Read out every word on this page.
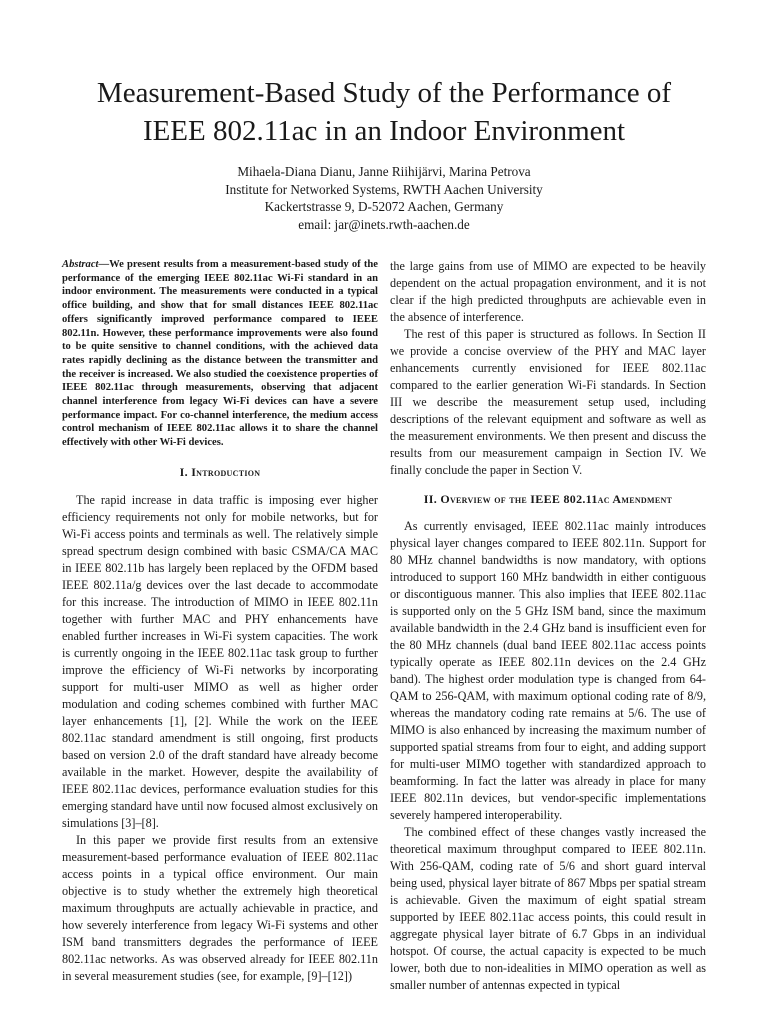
Measurement-Based Study of the Performance of
IEEE 802.11ac in an Indoor Environment
Mihaela-Diana Dianu, Janne Riihijärvi, Marina Petrova
Institute for Networked Systems, RWTH Aachen University
Kackertstrasse 9, D-52072 Aachen, Germany
email: jar@inets.rwth-aachen.de

Abstract—We present results from a measurement-based study of the performance of the emerging IEEE 802.11ac Wi-Fi standard in an indoor environment. The measurements were conducted in a typical office building, and show that for small distances IEEE 802.11ac offers significantly improved performance compared to IEEE 802.11n. However, these performance improvements were also found to be quite sensitive to channel conditions, with the achieved data rates rapidly declining as the distance between the transmitter and the receiver is increased. We also studied the coexistence properties of IEEE 802.11ac through measurements, observing that adjacent channel interference from legacy Wi-Fi devices can have a severe performance impact. For co-channel interference, the medium access control mechanism of IEEE 802.11ac allows it to share the channel effectively with other Wi-Fi devices.

I. Introduction

The rapid increase in data traffic is imposing ever higher efficiency requirements not only for mobile networks, but for Wi-Fi access points and terminals as well. The relatively simple spread spectrum design combined with basic CSMA/CA MAC in IEEE 802.11b has largely been replaced by the OFDM based IEEE 802.11a/g devices over the last decade to accommodate for this increase. The introduction of MIMO in IEEE 802.11n together with further MAC and PHY enhancements have enabled further increases in Wi-Fi system capacities. The work is currently ongoing in the IEEE 802.11ac task group to further improve the efficiency of Wi-Fi networks by incorporating support for multi-user MIMO as well as higher order modulation and coding schemes combined with further MAC layer enhancements [1], [2]. While the work on the IEEE 802.11ac standard amendment is still ongoing, first products based on version 2.0 of the draft standard have already become available in the market. However, despite the availability of IEEE 802.11ac devices, performance evaluation studies for this emerging standard have until now focused almost exclusively on simulations [3]–[8].

In this paper we provide first results from an extensive measurement-based performance evaluation of IEEE 802.11ac access points in a typical office environment. Our main objective is to study whether the extremely high theoretical maximum throughputs are actually achievable in practice, and how severely interference from legacy Wi-Fi systems and other ISM band transmitters degrades the performance of IEEE 802.11ac networks. As was observed already for IEEE 802.11n in several measurement studies (see, for example, [9]–[12])

the large gains from use of MIMO are expected to be heavily dependent on the actual propagation environment, and it is not clear if the high predicted throughputs are achievable even in the absence of interference.

The rest of this paper is structured as follows. In Section II we provide a concise overview of the PHY and MAC layer enhancements currently envisioned for IEEE 802.11ac compared to the earlier generation Wi-Fi standards. In Section III we describe the measurement setup used, including descriptions of the relevant equipment and software as well as the measurement environments. We then present and discuss the results from our measurement campaign in Section IV. We finally conclude the paper in Section V.

II. Overview of the IEEE 802.11ac Amendment

As currently envisaged, IEEE 802.11ac mainly introduces physical layer changes compared to IEEE 802.11n. Support for 80 MHz channel bandwidths is now mandatory, with options introduced to support 160 MHz bandwidth in either contiguous or discontiguous manner. This also implies that IEEE 802.11ac is supported only on the 5 GHz ISM band, since the maximum available bandwidth in the 2.4 GHz band is insufficient even for the 80 MHz channels (dual band IEEE 802.11ac access points typically operate as IEEE 802.11n devices on the 2.4 GHz band). The highest order modulation type is changed from 64-QAM to 256-QAM, with maximum optional coding rate of 8/9, whereas the mandatory coding rate remains at 5/6. The use of MIMO is also enhanced by increasing the maximum number of supported spatial streams from four to eight, and adding support for multi-user MIMO together with standardized approach to beamforming. In fact the latter was already in place for many IEEE 802.11n devices, but vendor-specific implementations severely hampered interoperability.

The combined effect of these changes vastly increased the theoretical maximum throughput compared to IEEE 802.11n. With 256-QAM, coding rate of 5/6 and short guard interval being used, physical layer bitrate of 867 Mbps per spatial stream is achievable. Given the maximum of eight spatial stream supported by IEEE 802.11ac access points, this could result in aggregate physical layer bitrate of 6.7 Gbps in an individual hotspot. Of course, the actual capacity is expected to be much lower, both due to non-idealities in MIMO operation as well as smaller number of antennas expected in typical
